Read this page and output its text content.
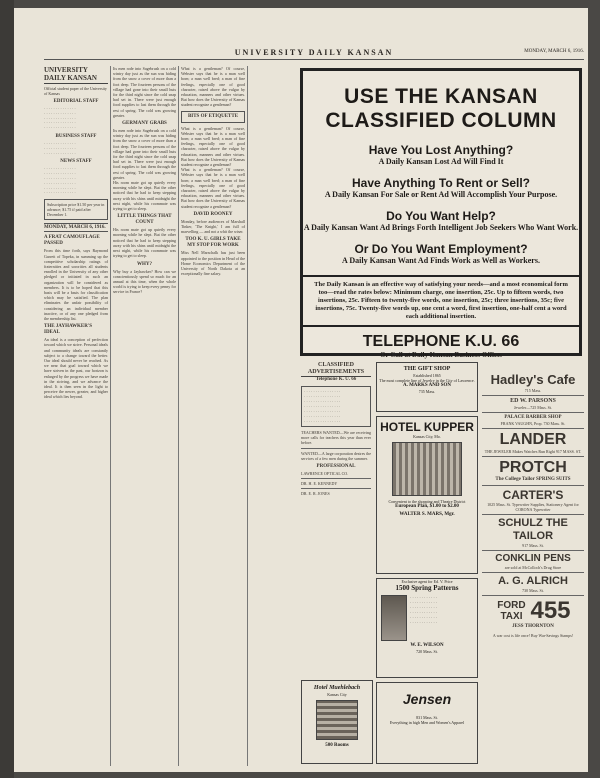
UNIVERSITY DAILY KANSAN	MONDAY, MARCH 6, 1916.
UNIVERSITY DAILY KANSAN
Official student paper of the University of Kansas
EDITORIAL STAFF
· · · · · · · · · · · · · ·
· · · · · · · · · · · · · ·
· · · · · · · · · · · · · ·
· · · · · · · · · · · · · ·
· · · · · · · · · · · · · ·
BUSINESS STAFF
· · · · · · · · · · · · · ·
· · · · · · · · · · · · · ·
· · · · · · · · · · · · · ·
NEWS STAFF
· · · · · · · · · · · · · ·
· · · · · · · · · · · · · ·
· · · · · · · · · · · · · ·
· · · · · · · · · · · · · ·
· · · · · · · · · · · · · ·
· · · · · · · · · · · · · ·
Subscription price $1.50 per year in advance; $1.75 if paid after December 1.
MONDAY, MARCH 6, 1916.
A FRAT CAMOUFLAGE PASSED
From this time forth, says Raymond Garrett of Topeka, in summing up the competitive scholarship ratings of fraternities and sororities all students enrolled in the University of any other pledged or initiated in such an organization will be considered as members. It is to be hoped that this basis will be a basis for classification which may be satisfied. The plan eliminates the unfair possibility of considering an individual member inactive, or of any one pledged from the membership list.
THE JAYHAWKER'S IDEAL
An ideal is a conception of perfection toward which we strive. Personal ideals and community ideals are constantly subject to a change toward the better. Our ideal should never be reached. As we near that goal toward which we have striven in the past, our horizon is enlarged by the progress we have made in the striving, and we advance the ideal. It is then seen in the light to perceive the newer, greater, and higher ideal which lies beyond.
Its men rode into Sagebrush on a cold wintry day just as the sun was hiding from the snow a cover of more than a foot deep. The fourteen persons of the village had gone into their small huts for the third night since the cold snap had set in. There were just enough food supplies to last them through the rest of spring. The cold was growing greater.
GERMANY GRABS
Its men rode into Sagebrush on a cold wintry day just as the sun was hiding from the snow a cover of more than a foot deep. The fourteen persons of the village had gone into their small huts for the third night since the cold snap had set in. There were just enough food supplies to last them through the rest of spring. The cold was growing greater.
His room mate got up quietly every morning while he slept. But the other noticed that he had to keep stepping away with his shins until midnight the next night, while his roommate was trying to get to sleep.
LITTLE THINGS THAT COUNT
His room mate got up quietly every morning while he slept. But the other noticed that he had to keep stepping away with his shins until midnight the next night, while his roommate was trying to get to sleep.
WHY?
Why buy a Jayhawker? How can we conscientiously spend so much for an annual at this time, when the whole world is trying to keep every penny for service in France?
What is a gentleman? Of course, Webster says that he is a man well born; a man well bred; a man of fine feelings, especially one of good character, raised above the vulgar by education, manners and other virtues. But how does the University of Kansas student recognize a gentleman?
BITS OF ETIQUETTE
What is a gentleman? Of course, Webster says that he is a man well born; a man well bred; a man of fine feelings, especially one of good character, raised above the vulgar by education, manners and other virtues. But how does the University of Kansas student recognize a gentleman?
What is a gentleman? Of course, Webster says that he is a man well born; a man well bred; a man of fine feelings, especially one of good character, raised above the vulgar by education, manners and other virtues. But how does the University of Kansas student recognize a gentleman?
DAVID ROONEY
Monday, before audiences of Marshall Tinker, 'The Knight,' I am full of marvelling — and not a whit the wiser.
TOO K. U. GIRLS TAKE MY STOP FOR WORK
Miss Nell Marschalk has just been appointed to the position in Head of the Home Economics Department of the University of North Dakota at an exceptionally fine salary.
USE THE KANSAN
CLASSIFIED COLUMN
Have You Lost Anything?
A Daily Kansan Lost Ad Will Find It
Have Anything To Rent or Sell?
A Daily Kansan For Sale or Rent Ad Will Accomplish Your Purpose.
Do You Want Help?
A Daily Kansan Want Ad Brings Forth Intelligent Job Seekers Who Want Work.
Or Do You Want Employment?
A Daily Kansan Want Ad Finds Work as Well as Workers.
The Daily Kansan is an effective way of satisfying your needs—and a most economical form too—read the rates below: Minimum charge, one insertion, 25c. Up to fifteen words, two insertions, 25c. Fifteen to twenty-five words, one insertion, 25c; three insertions, 35c; five insertions, 75c. Twenty-five words up, one cent a word, first insertion, one-half cent a word each additional insertion.
TELEPHONE K.U. 66
Or Call at Daily Kansan Business Office.
CLASSIFIED ADVERTISEMENTS
Telephone K. U. 66
· · · · · · · · · · · · · · · ·
· · · · · · · · · · · · · · · ·
· · · · · · · · · · · · · · · ·
· · · · · · · · · · · · · · · ·
· · · · · · · · · · · · · · · ·
· · · · · · · · · · · · · · · ·
· · · · · · · · · · · · · · · ·
TEACHERS WANTED—We are receiving more calls for teachers this year than ever before.
WANTED—A large corporation desires the services of a few men during the summer.
PROFESSIONAL
LAWRENCE OPTICAL CO.
DR. H. E. KENNEDY
DR. E. R. JONES
THE GIFT SHOP
Established 1865
The most complete line of Jewelry in the City of Lawrence.
A. MARKS AND SON
735 Mass.
HOTEL KUPPER
Kansas City, Mo.
Convenient to the shopping and Theatre District
European Plan, $1.00 to $2.00
WALTER S. MARS, Mgr.
Exclusive agent for Ed. V. Price
1500 Spring Patterns
· · · · · · · · · · · ·
· · · · · · · · · · · ·
· · · · · · · · · · · ·
· · · · · · · · · · · ·
· · · · · · · · · · · ·
· · · · · · · · · · · ·
W. E. WILSON
720 Mass. St.
Hotel Muehlebach
Kansas City
500 Rooms
Jensen
831 Mass. St.
Everything in high Men and Women's Apparel
Hadley's Cafe
715 Mass.
ED W. PARSONS
Jeweler—725 Mass. St.
PALACE BARBER SHOP
FRANK VAUGHN, Prop. 730 Mass. St.
LANDER
THE JEWELER Makes Watches Run Right 917 MASS. ST.
PROTCH
The College Tailor SPRING SUITS
CARTER'S
1025 Mass. St. Typewriter Supplies, Stationery Agent for CORONA Typewriter
SCHULZ THE TAILOR
917 Mass. St.
CONKLIN PENS
are sold at McColloch's Drug Store
A. G. ALRICH
730 Mass. St.
FORD TAXI 455
JESS THORNTON
A war cost is life once! Buy War-Savings Stamps!
